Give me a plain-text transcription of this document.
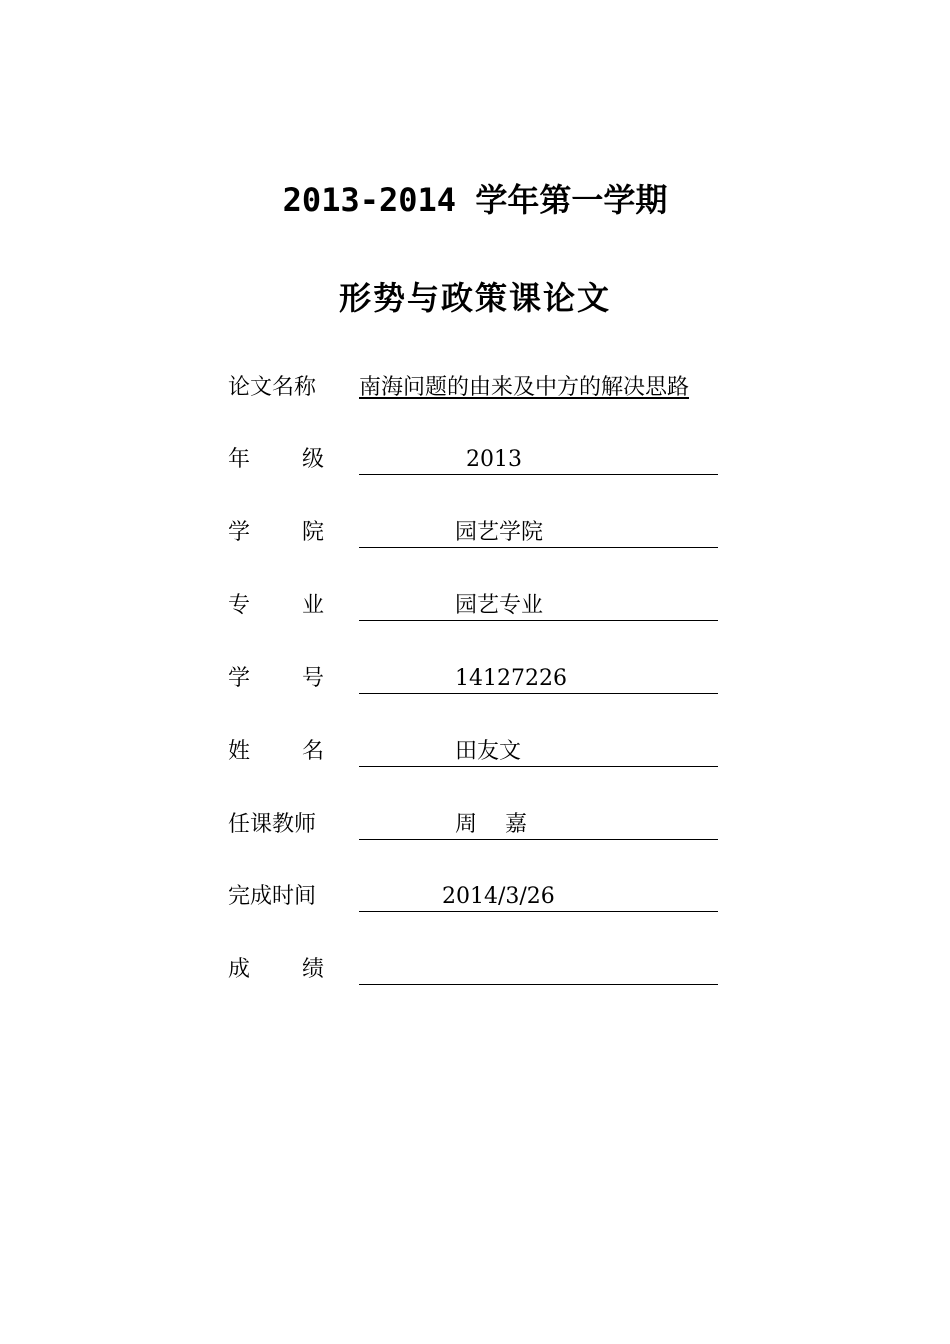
2013-2014 学年第一学期
形势与政策课论文
论文名称	南海问题的由来及中方的解决思路
年 级	2013
学 院	园艺学院
专 业	园艺专业
学 号	14127226
姓 名	田友文
任课教师	周    嘉
完成时间	2014/3/26
成 绩
